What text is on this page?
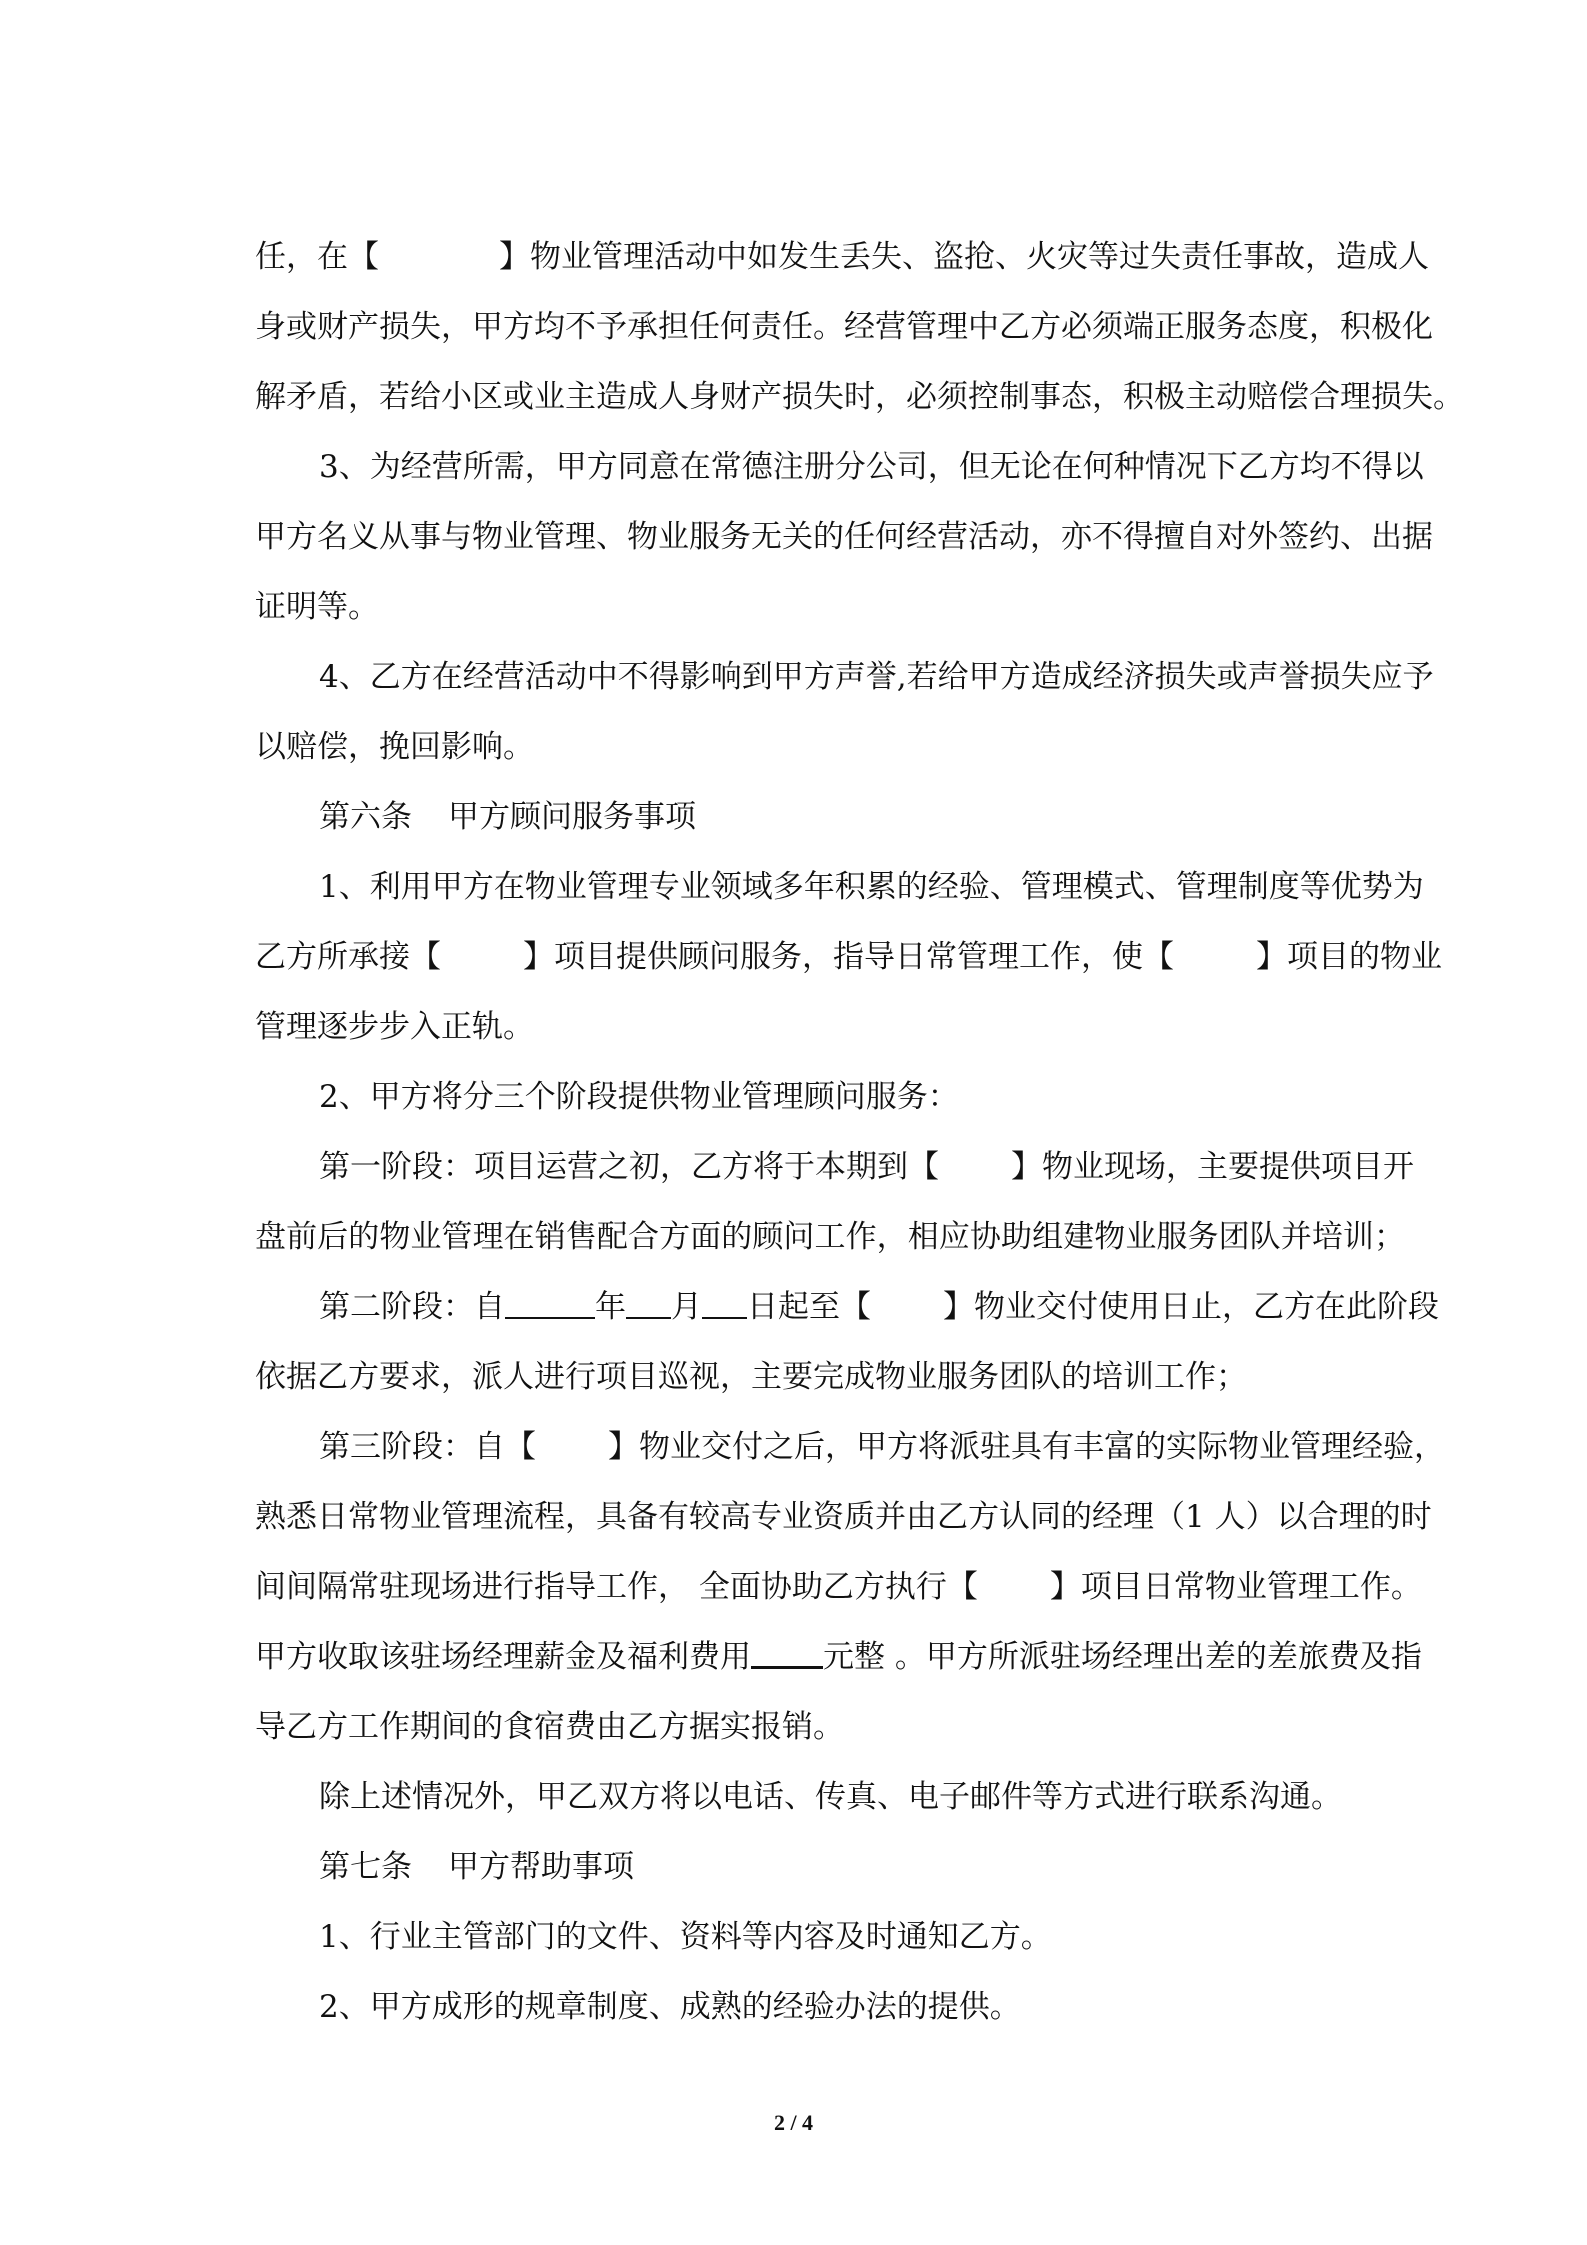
任，在【	】物业管理活动中如发生丢失、盗抢、火灾等过失责任事故，造成人
身或财产损失，甲方均不予承担任何责任。经营管理中乙方必须端正服务态度，积极化
解矛盾，若给小区或业主造成人身财产损失时，必须控制事态，积极主动赔偿合理损失。
3、为经营所需，甲方同意在常德注册分公司，但无论在何种情况下乙方均不得以
甲方名义从事与物业管理、物业服务无关的任何经营活动，亦不得擅自对外签约、出据
证明等。
4、乙方在经营活动中不得影响到甲方声誉,若给甲方造成经济损失或声誉损失应予
以赔偿，挽回影响。
第六条 甲方顾问服务事项
1、利用甲方在物业管理专业领域多年积累的经验、管理模式、管理制度等优势为
乙方所承接【	】项目提供顾问服务，指导日常管理工作，使【	】项目的物业
管理逐步步入正轨。
2、甲方将分三个阶段提供物业管理顾问服务：
第一阶段：项目运营之初，乙方将于本期到【 】物业现场，主要提供项目开
盘前后的物业管理在销售配合方面的顾问工作，相应协助组建物业服务团队并培训；
第二阶段：自	年 月 日起至【 】物业交付使用日止，乙方在此阶段
依据乙方要求，派人进行项目巡视，主要完成物业服务团队的培训工作；
第三阶段：自【 】物业交付之后，甲方将派驻具有丰富的实际物业管理经验，
熟悉日常物业管理流程，具备有较高专业资质并由乙方认同的经理（1 人）以合理的时
间间隔常驻现场进行指导工作， 全面协助乙方执行【 】项目日常物业管理工作。
甲方收取该驻场经理薪金及福利费用 元整 。甲方所派驻场经理出差的差旅费及指
导乙方工作期间的食宿费由乙方据实报销。
除上述情况外，甲乙双方将以电话、传真、电子邮件等方式进行联系沟通。
第七条 甲方帮助事项
1、行业主管部门的文件、资料等内容及时通知乙方。
2、甲方成形的规章制度、成熟的经验办法的提供。
2 / 4
